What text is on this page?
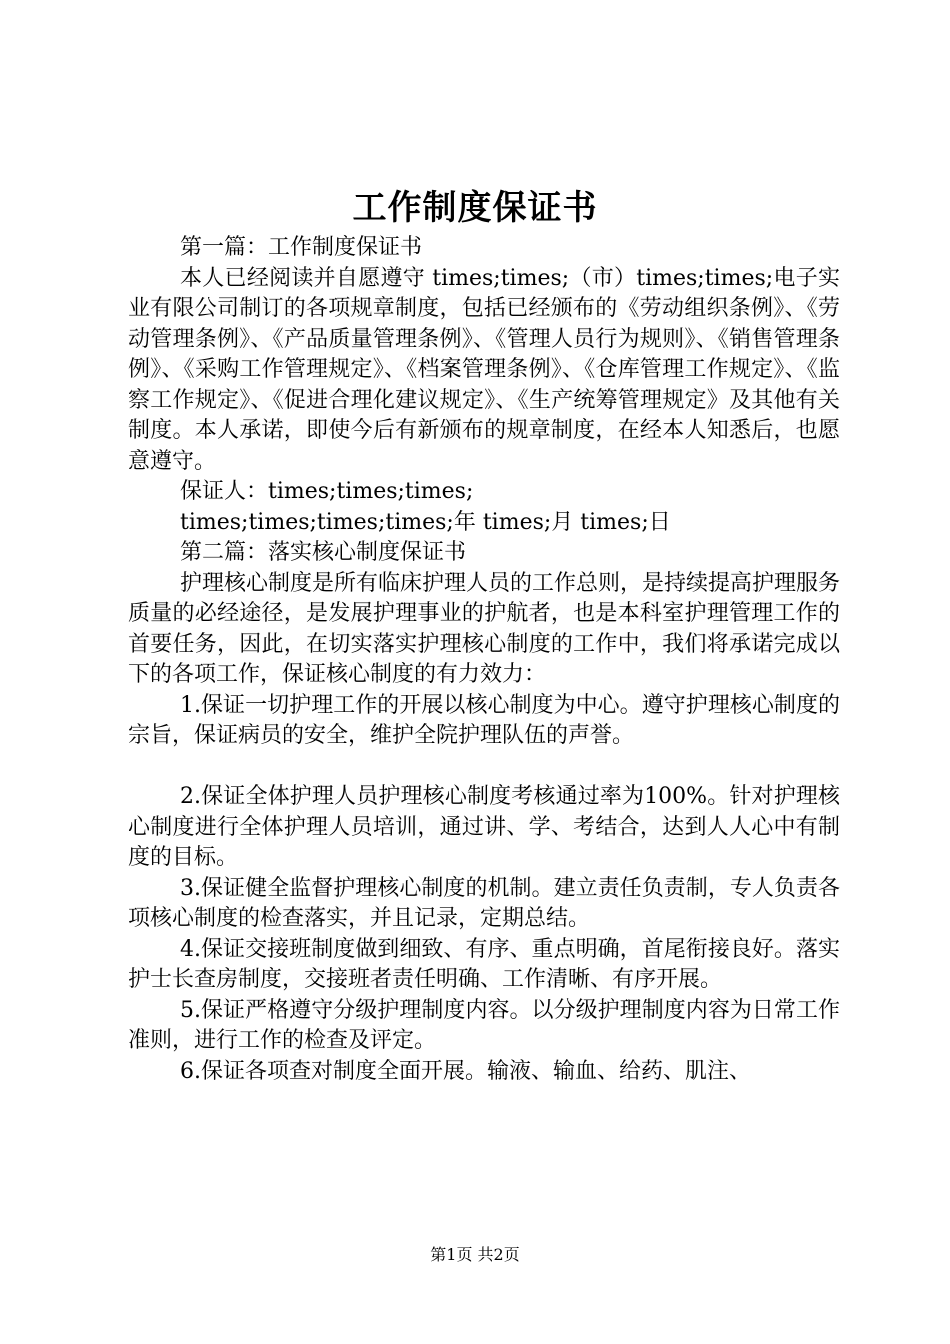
工作制度保证书

第一篇：工作制度保证书

本人已经阅读并自愿遵守 times;times;（市）times;times;电子实业有限公司制订的各项规章制度，包括已经颁布的《劳动组织条例》、《劳动管理条例》、《产品质量管理条例》、《管理人员行为规则》、《销售管理条例》、《采购工作管理规定》、《档案管理条例》、《仓库管理工作规定》、《监察工作规定》、《促进合理化建议规定》、《生产统筹管理规定》及其他有关制度。本人承诺，即使今后有新颁布的规章制度，在经本人知悉后，也愿意遵守。

保证人：times;times;times;

times;times;times;times;年 times;月 times;日

第二篇：落实核心制度保证书

护理核心制度是所有临床护理人员的工作总则，是持续提高护理服务质量的必经途径，是发展护理事业的护航者，也是本科室护理管理工作的首要任务，因此，在切实落实护理核心制度的工作中，我们将承诺完成以下的各项工作，保证核心制度的有力效力：

1.保证一切护理工作的开展以核心制度为中心。遵守护理核心制度的宗旨，保证病员的安全，维护全院护理队伍的声誉。

2.保证全体护理人员护理核心制度考核通过率为100%。针对护理核心制度进行全体护理人员培训，通过讲、学、考结合，达到人人心中有制度的目标。

3.保证健全监督护理核心制度的机制。建立责任负责制，专人负责各项核心制度的检查落实，并且记录，定期总结。

4.保证交接班制度做到细致、有序、重点明确，首尾衔接良好。落实护士长查房制度，交接班者责任明确、工作清晰、有序开展。

5.保证严格遵守分级护理制度内容。以分级护理制度内容为日常工作准则，进行工作的检查及评定。

6.保证各项查对制度全面开展。输液、输血、给药、肌注、

第1页 共2页
